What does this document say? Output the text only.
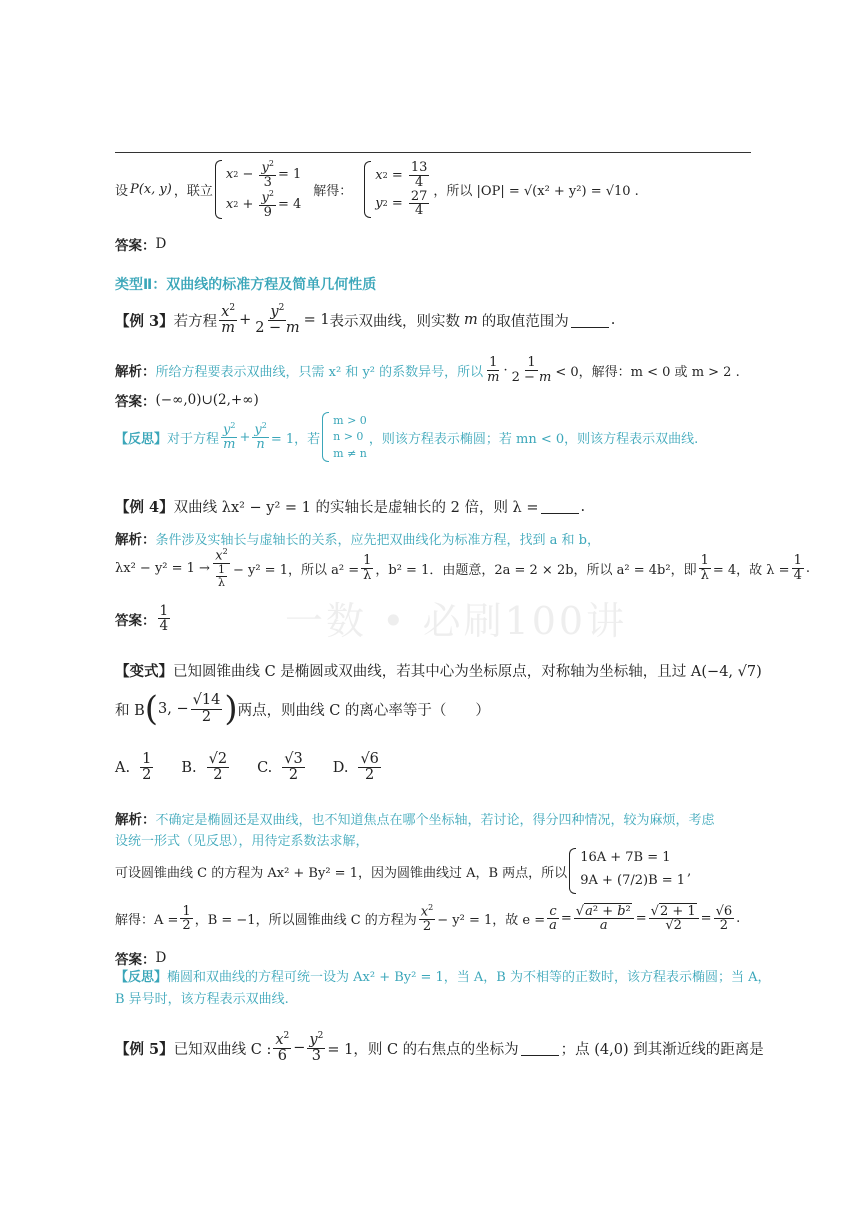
一数 • 必刷100讲
设 P(x, y) ，联立
x $2 - \frac{y^2}{3} = 1$
x $2 + \frac{y^2}{9} = 4$
解得：
x $2 = \frac{13}{4}$
y $2 = \frac{27}{4}$ ，所以 |OP| = √(x² + y²) = √10 .
答案： D
类型Ⅱ：双曲线的标准方程及简单几何性质
【例 3】 若方程 $\frac{x^2}{m} + \frac{y^2}{2 - m} = 1$ 表示双曲线，则实数 m 的取值范围为	.
解析： 所给方程要表示双曲线，只需 x² 和 y² 的系数异号，所以 $\frac{1}{m} \cdot \frac{1}{2 - m} < 0$，解得：m < 0 或 m > 2 .
答案： (−∞,0)∪(2,+∞)
【反思】 对于方程 $\frac{y^2}{m} + \frac{y^2}{n} = 1$，若
m > 0
n > 0
m ≠ n
，则该方程表示椭圆；若 mn < 0，则该方程表示双曲线.
【例 4】 双曲线 λx² − y² = 1 的实轴长是虚轴长的 2 倍，则 λ =	.
解析： 条件涉及实轴长与虚轴长的关系，应先把双曲线化为标准方程，找到 a 和 b，
$\lambda x^2 - y^2 = 1 \to \frac{x^2}{\frac{1}{\lambda}} - y^2 = 1$，所以 $a^2 = \frac{1}{\lambda}$ ，b² = 1．由题意，2a = 2 × 2b，所以 a² = 4b²，即 $\frac{1}{\lambda} = 4$，故 $\lambda = \frac{1}{4}$ .
答案： $\frac{1}{4}$
【变式】 已知圆锥曲线 C 是椭圆或双曲线，若其中心为坐标原点，对称轴为坐标轴，且过 A(−4, √7)
和 B ( 3, − $\frac{√14}{2}$ ) 两点，则曲线 C 的离心率等于（　　）
A. $\frac{1}{2} B$. $\frac{√2}{2} C$. $\frac{√3}{2} D$. $\frac{√6}{2}$
解析： 不确定是椭圆还是双曲线，也不知道焦点在哪个坐标轴，若讨论，得分四种情况，较为麻烦，考虑
设统一形式（见反思），用待定系数法求解，
可设圆锥曲线 C 的方程为 Ax² + By² = 1，因为圆锥曲线过 A，B 两点，所以
16A + 7B = 1
9A + (7/2)B = 1
,
解得：$A = \frac{1}{2}$ ，B = −1，所以圆锥曲线 C 的方程为 $\frac{x^2}{2} - y^2 = 1$，故 $e = \frac{c}{a} = \frac{\text{√a² + b²}}{a} = \frac{√2 + 1}{√2} = \frac{√6}{2}$ .
答案： D
【反思】 椭圆和双曲线的方程可统一设为 Ax² + By² = 1，当 A，B 为不相等的正数时，该方程表示椭圆；当 A，
B 异号时，该方程表示双曲线.
【例 5】 已知双曲线 C : $\frac{x^2}{6} - \frac{y^2}{3} = 1$，则 C 的右焦点的坐标为	；点 (4,0) 到其渐近线的距离是
